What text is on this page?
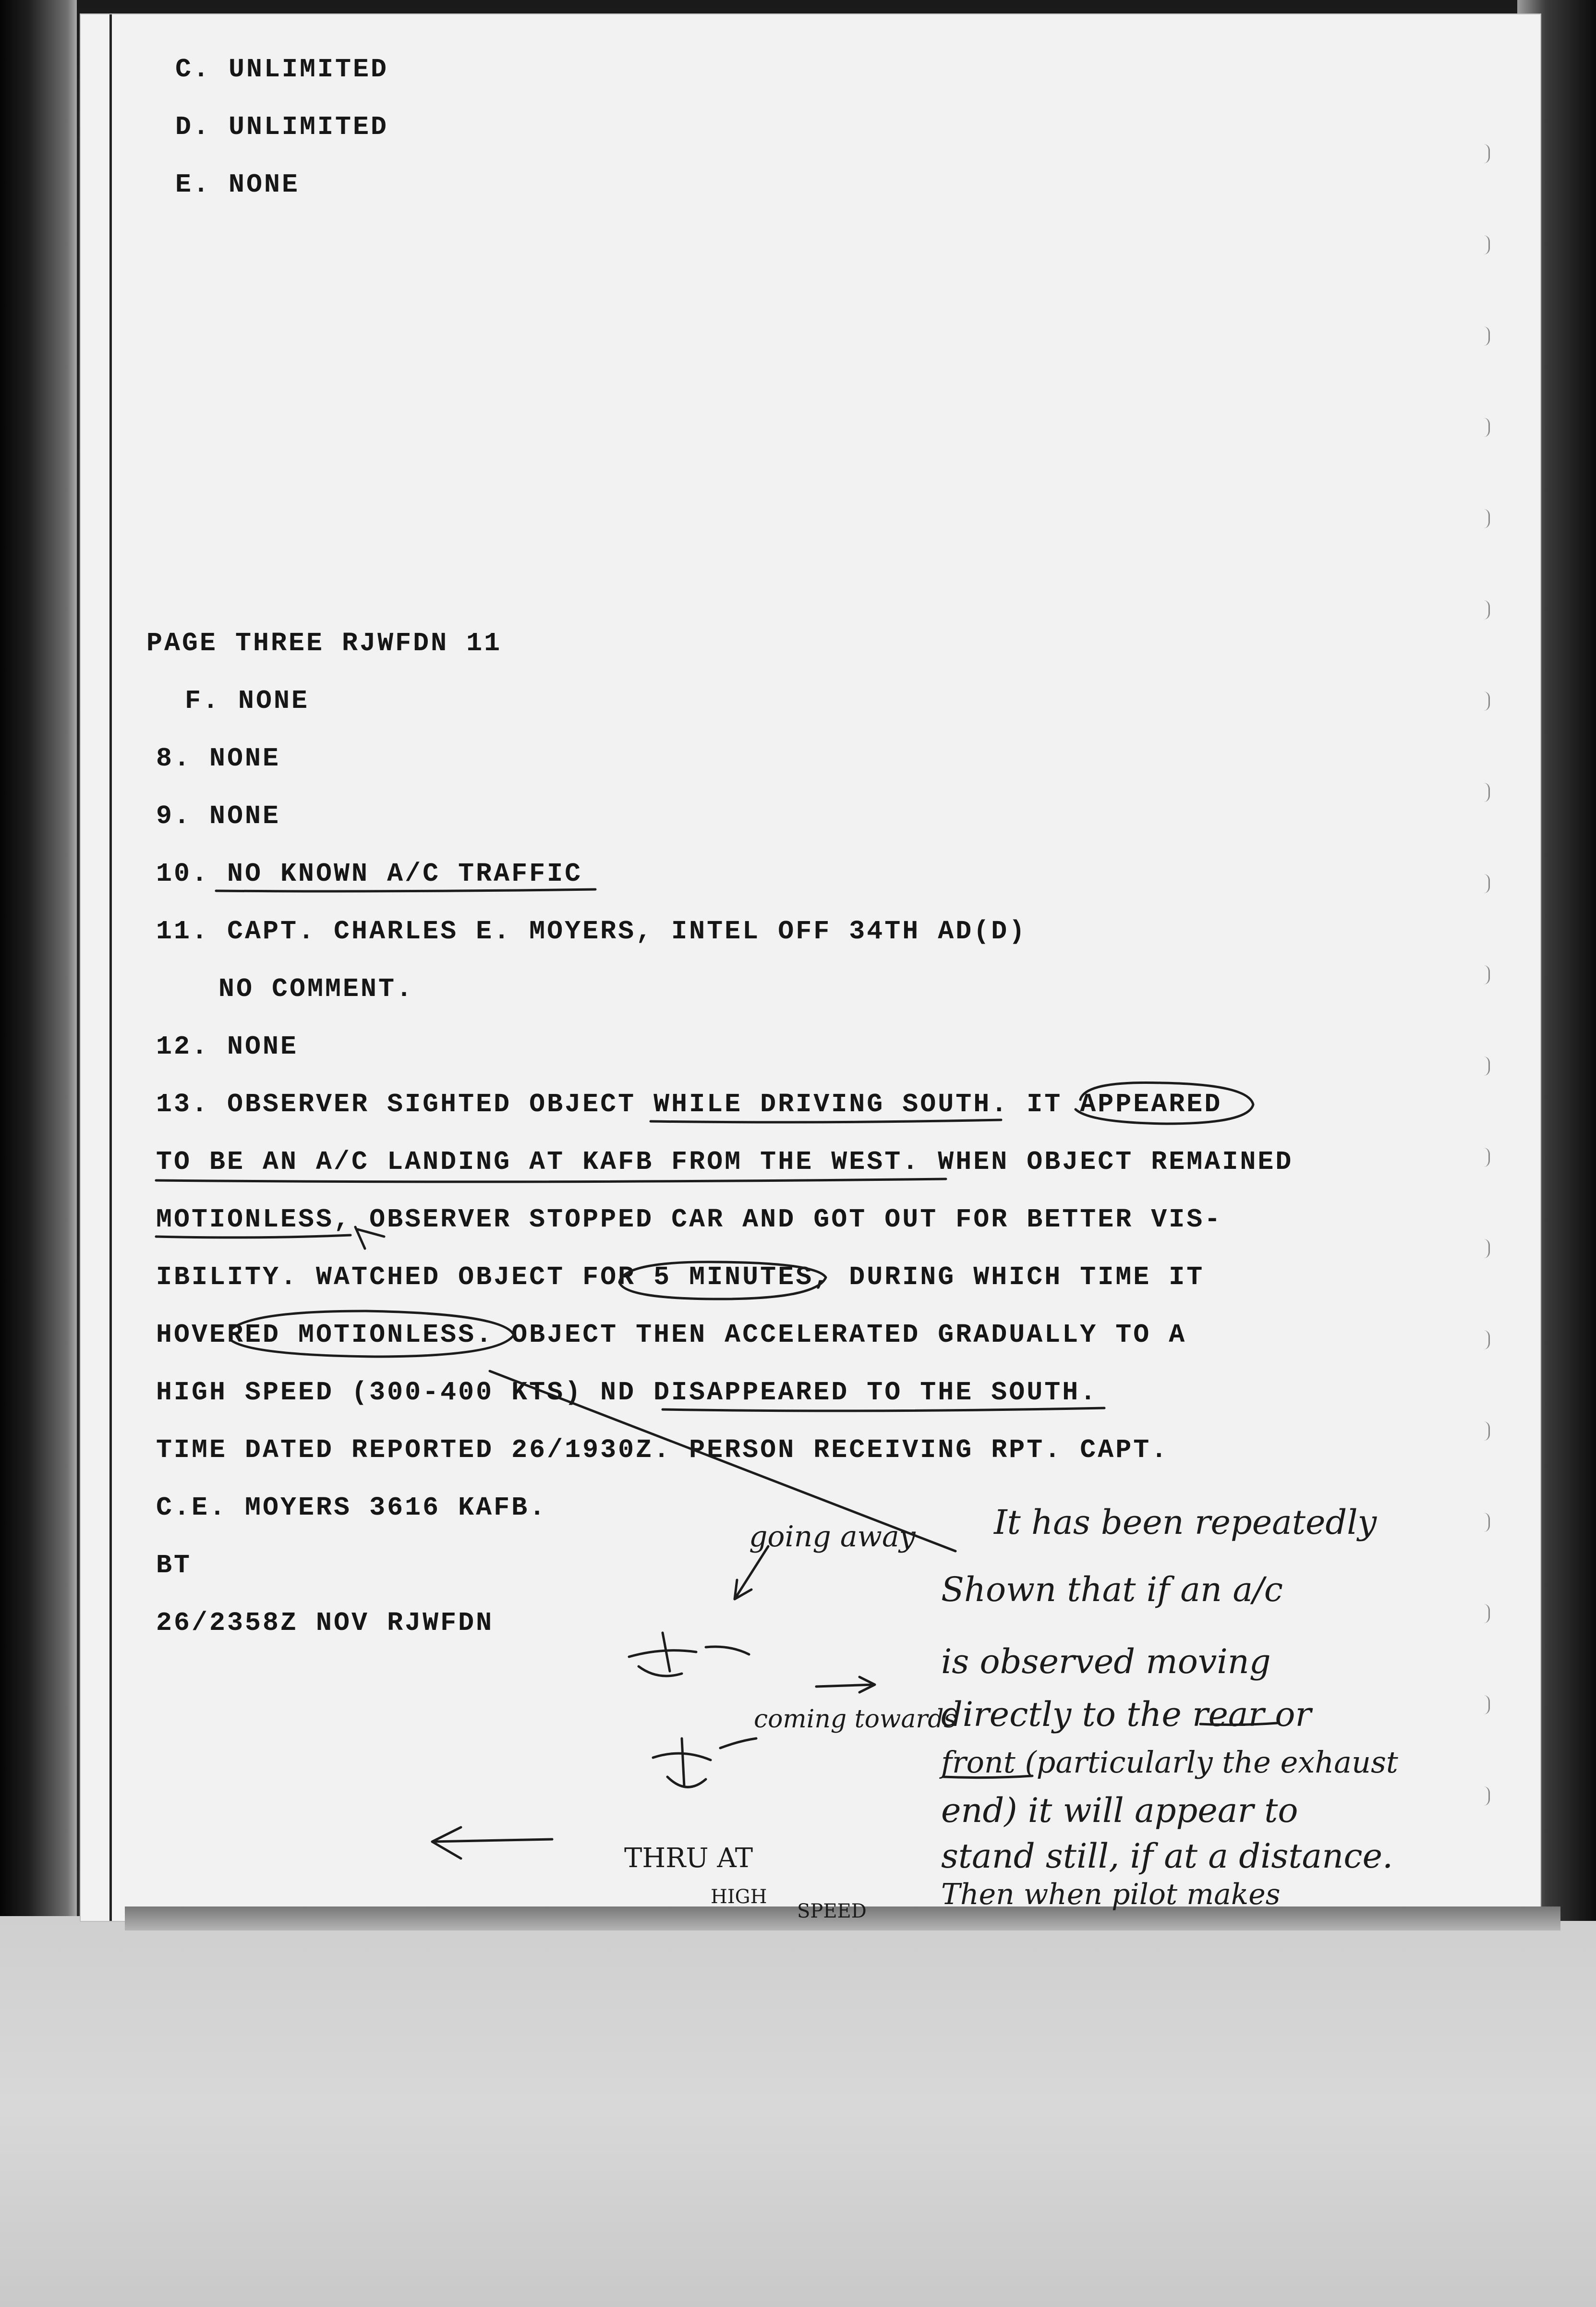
C. UNLIMITED
D. UNLIMITED
E. NONE
PAGE THREE RJWFDN 11
F. NONE
8. NONE
9. NONE
10. NO KNOWN A/C TRAFFIC
11. CAPT. CHARLES E. MOYERS, INTEL OFF 34TH AD(D)
NO COMMENT.
12. NONE
13. OBSERVER SIGHTED OBJECT WHILE DRIVING SOUTH. IT APPEARED
TO BE AN A/C LANDING AT KAFB FROM THE WEST. WHEN OBJECT REMAINED
MOTIONLESS, OBSERVER STOPPED CAR AND GOT OUT FOR BETTER VIS-
IBILITY. WATCHED OBJECT FOR 5 MINUTES, DURING WHICH TIME IT
HOVERED MOTIONLESS. OBJECT THEN ACCELERATED GRADUALLY TO A
HIGH SPEED (300-400 KTS) ND DISAPPEARED TO THE SOUTH.
TIME DATED REPORTED 26/1930Z. PERSON RECEIVING RPT. CAPT.
C.E. MOYERS 3616 KAFB.
BT
26/2358Z NOV RJWFDN
going away It has been repeatedly
Shown that if an a/c
is observed moving
directly to the rear or
front (particularly the exhaust
end) it will appear to
stand still, if at a distance.
Then when pilot makes
coming towards
THRU AT
HIGH
SPEED
